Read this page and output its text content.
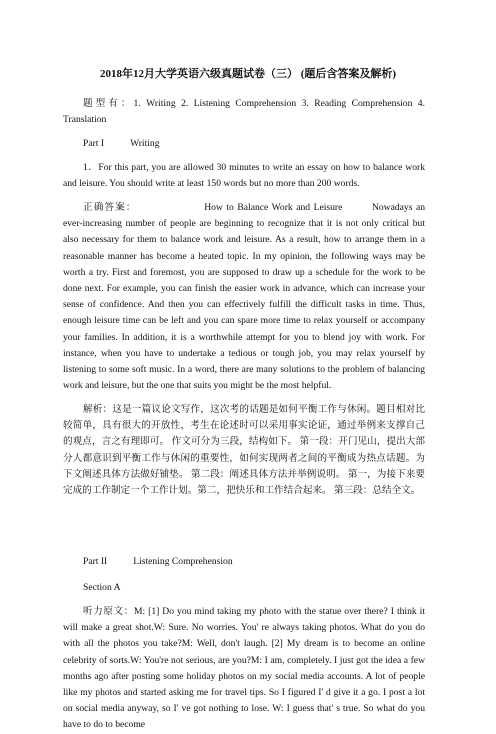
2018年12月大学英语六级真题试卷（三） (题后含答案及解析)
题型有：1. Writing 2. Listening Comprehension 3. Reading Comprehension 4. Translation
Part I	Writing
1．For this part, you are allowed 30 minutes to write an essay on how to balance work and leisure. You should write at least 150 words but no more than 200 words.
正确答案：	How to Balance Work and Leisure	Nowadays an ever-increasing number of people are beginning to recognize that it is not only critical but also necessary for them to balance work and leisure. As a result, how to arrange them in a reasonable manner has become a heated topic. In my opinion, the following ways may be worth a try. First and foremost, you are supposed to draw up a schedule for the work to be done next. For example, you can finish the easier work in advance, which can increase your sense of confidence. And then you can effectively fulfill the difficult tasks in time. Thus, enough leisure time can be left and you can spare more time to relax yourself or accompany your families. In addition, it is a worthwhile attempt for you to blend joy with work. For instance, when you have to undertake a tedious or tough job, you may relax yourself by listening to some soft music. In a word, there are many solutions to the problem of balancing work and leisure, but the one that suits you might be the most helpful.
解析：这是一篇议论文写作，这次考的话题是如何平衡工作与休闲。题目相对比较简单，具有很大的开放性，考生在论述时可以采用事实论证，通过举例来支撑自己的观点，言之有理即可。 作文可分为三段，结构如下。 第一段：开门见山，提出大部分人都意识到平衡工作与休闲的重要性，如何实现两者之间的平衡成为热点话题。为下文阐述具体方法做好铺垫。 第二段：阐述具体方法并举例说明。 第一，为接下来要完成的工作制定一个工作计划。第二，把快乐和工作结合起来。 第三段：总结全文。
Part II	Listening Comprehension
Section A
听力原文：M: [1] Do you mind taking my photo with the statue over there? I think it will make a great shot.W: Sure. No worries. You' re always taking photos. What do you do with all the photos you take?M: Well, don't laugh. [2] My dream is to become an online celebrity of sorts.W: You're not serious, are you?M: I am, completely. I just got the idea a few months ago after posting some holiday photos on my social media accounts. A lot of people like my photos and started asking me for travel tips. So I figured I' d give it a go. I post a lot on social media anyway, so I' ve got nothing to lose. W: I guess that' s true. So what do you have to do to become
